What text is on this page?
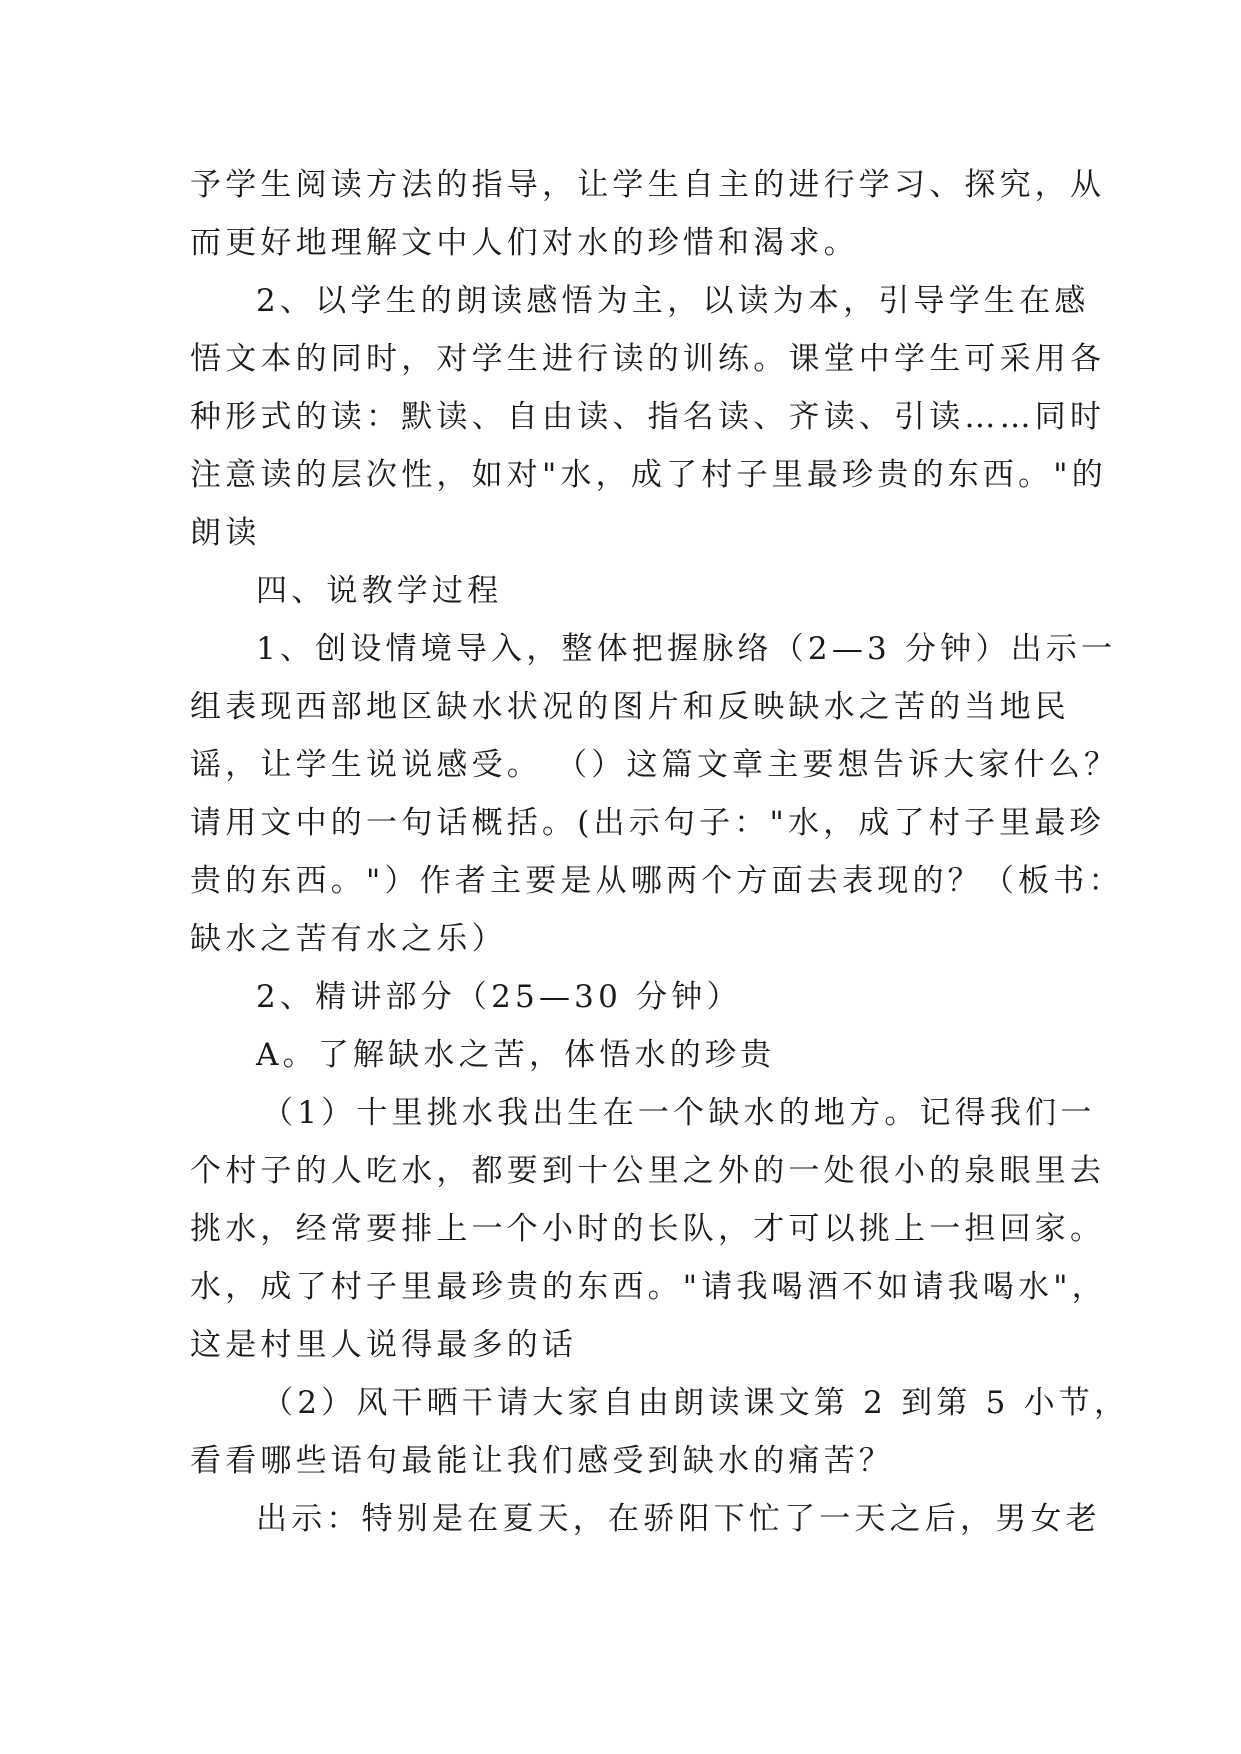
予学生阅读方法的指导，让学生自主的进行学习、探究，从
而更好地理解文中人们对水的珍惜和渴求。
2、以学生的朗读感悟为主，以读为本，引导学生在感
悟文本的同时，对学生进行读的训练。课堂中学生可采用各
种形式的读：默读、自由读、指名读、齐读、引读……同时
注意读的层次性，如对"水，成了村子里最珍贵的东西。"的
朗读
四、说教学过程
1、创设情境导入，整体把握脉络（2—3 分钟）出示一
组表现西部地区缺水状况的图片和反映缺水之苦的当地民
谣，让学生说说感受。 （）这篇文章主要想告诉大家什么？
请用文中的一句话概括。(出示句子："水，成了村子里最珍
贵的东西。"）作者主要是从哪两个方面去表现的？（板书：
缺水之苦有水之乐）
2、精讲部分（25—30 分钟）
A。了解缺水之苦，体悟水的珍贵
（1）十里挑水我出生在一个缺水的地方。记得我们一
个村子的人吃水，都要到十公里之外的一处很小的泉眼里去
挑水，经常要排上一个小时的长队，才可以挑上一担回家。
水，成了村子里最珍贵的东西。"请我喝酒不如请我喝水"，
这是村里人说得最多的话
（2）风干晒干请大家自由朗读课文第 2 到第 5 小节，
看看哪些语句最能让我们感受到缺水的痛苦？
出示：特别是在夏天，在骄阳下忙了一天之后，男女老
